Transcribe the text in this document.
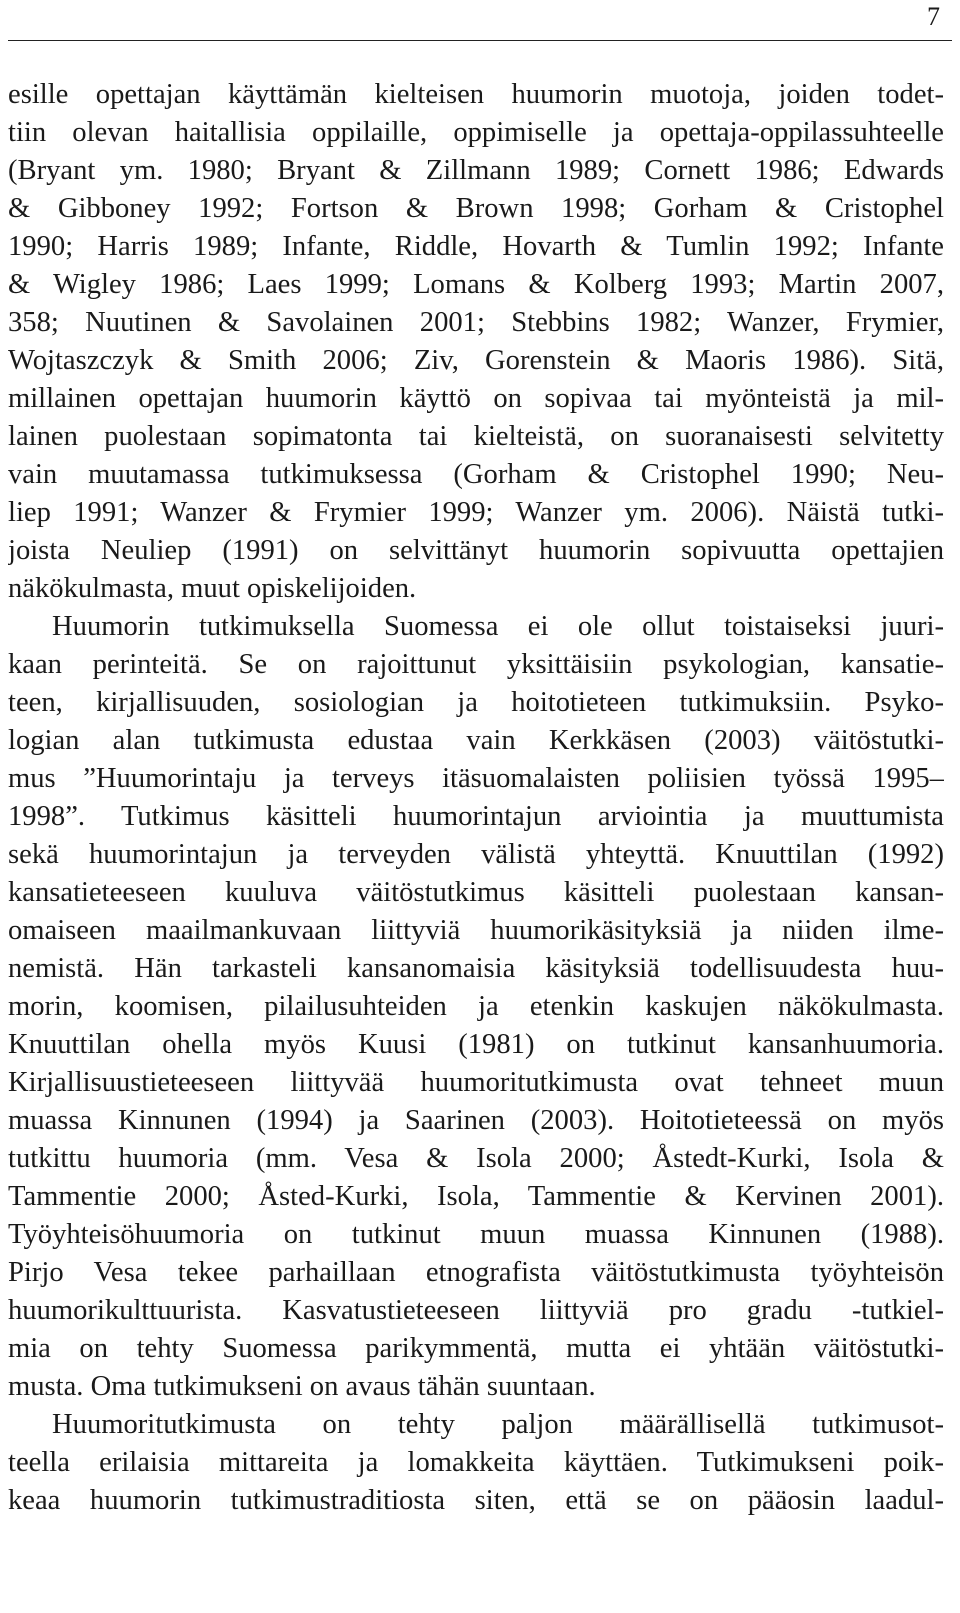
7
esille opettajan käyttämän kielteisen huumorin muotoja, joiden todet-
tiin olevan haitallisia oppilaille, oppimiselle ja opettaja-oppilassuhteelle
(Bryant ym. 1980; Bryant & Zillmann 1989; Cornett 1986; Edwards
& Gibboney 1992; Fortson & Brown 1998; Gorham & Cristophel
1990; Harris 1989; Infante, Riddle, Hovarth & Tumlin 1992; Infante
& Wigley 1986; Laes 1999; Lomans & Kolberg 1993; Martin 2007,
358; Nuutinen & Savolainen 2001; Stebbins 1982; Wanzer, Frymier,
Wojtaszczyk & Smith 2006; Ziv, Gorenstein & Maoris 1986). Sitä,
millainen opettajan huumorin käyttö on sopivaa tai myönteistä ja mil-
lainen puolestaan sopimatonta tai kielteistä, on suoranaisesti selvitetty
vain muutamassa tutkimuksessa (Gorham & Cristophel 1990; Neu-
liep 1991; Wanzer & Frymier 1999; Wanzer ym. 2006). Näistä tutki-
joista Neuliep (1991) on selvittänyt huumorin sopivuutta opettajien
näkökulmasta, muut opiskelijoiden.
Huumorin tutkimuksella Suomessa ei ole ollut toistaiseksi juuri-
kaan perinteitä. Se on rajoittunut yksittäisiin psykologian, kansatie-
teen, kirjallisuuden, sosiologian ja hoitotieteen tutkimuksiin. Psyko-
logian alan tutkimusta edustaa vain Kerkkäsen (2003) väitöstutki-
mus ”Huumorintaju ja terveys itäsuomalaisten poliisien työssä 1995–
1998”. Tutkimus käsitteli huumorintajun arviointia ja muuttumista
sekä huumorintajun ja terveyden välistä yhteyttä. Knuuttilan (1992)
kansatieteeseen kuuluva väitöstutkimus käsitteli puolestaan kansan-
omaiseen maailmankuvaan liittyviä huumorikäsityksiä ja niiden ilme-
nemistä. Hän tarkasteli kansanomaisia käsityksiä todellisuudesta huu-
morin, koomisen, pilailusuhteiden ja etenkin kaskujen näkökulmasta.
Knuuttilan ohella myös Kuusi (1981) on tutkinut kansanhuumoria.
Kirjallisuustieteeseen liittyvää huumoritutkimusta ovat tehneet muun
muassa Kinnunen (1994) ja Saarinen (2003). Hoitotieteessä on myös
tutkittu huumoria (mm. Vesa & Isola 2000; Åstedt-Kurki, Isola &
Tammentie 2000; Åsted-Kurki, Isola, Tammentie & Kervinen 2001).
Työyhteisöhuumoria on tutkinut muun muassa Kinnunen (1988).
Pirjo Vesa tekee parhaillaan etnografista väitöstutkimusta työyhteisön
huumorikulttuurista. Kasvatustieteeseen liittyviä pro gradu -tutkiel-
mia on tehty Suomessa parikymmentä, mutta ei yhtään väitöstutki-
musta. Oma tutkimukseni on avaus tähän suuntaan.
Huumoritutkimusta on tehty paljon määrällisellä tutkimusot-
teella erilaisia mittareita ja lomakkeita käyttäen. Tutkimukseni poik-
keaa huumorin tutkimustraditiosta siten, että se on pääosin laadul-
